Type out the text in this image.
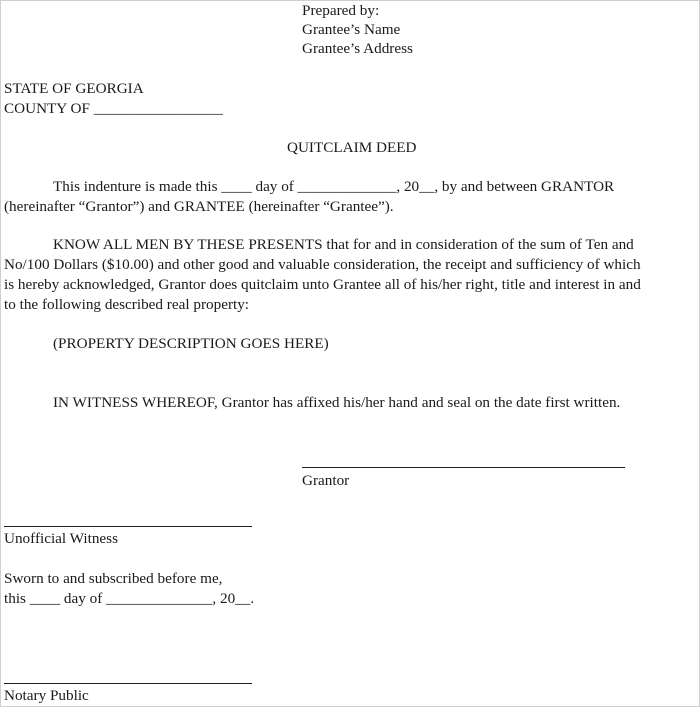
Prepared by:
Grantee’s Name
Grantee’s Address
STATE OF GEORGIA
COUNTY OF _________________
QUITCLAIM DEED
This indenture is made this ____ day of _____________, 20__, by and between GRANTOR
(hereinafter “Grantor”) and GRANTEE (hereinafter “Grantee”).
KNOW ALL MEN BY THESE PRESENTS that for and in consideration of the sum of Ten and
No/100 Dollars ($10.00) and other good and valuable consideration, the receipt and sufficiency of which
is hereby acknowledged, Grantor does quitclaim unto Grantee all of his/her right, title and interest in and
to the following described real property:
(PROPERTY DESCRIPTION GOES HERE)
IN WITNESS WHEREOF, Grantor has affixed his/her hand and seal on the date first written.
Grantor
Unofficial Witness
Sworn to and subscribed before me,
this ____ day of ______________, 20__.
Notary Public
